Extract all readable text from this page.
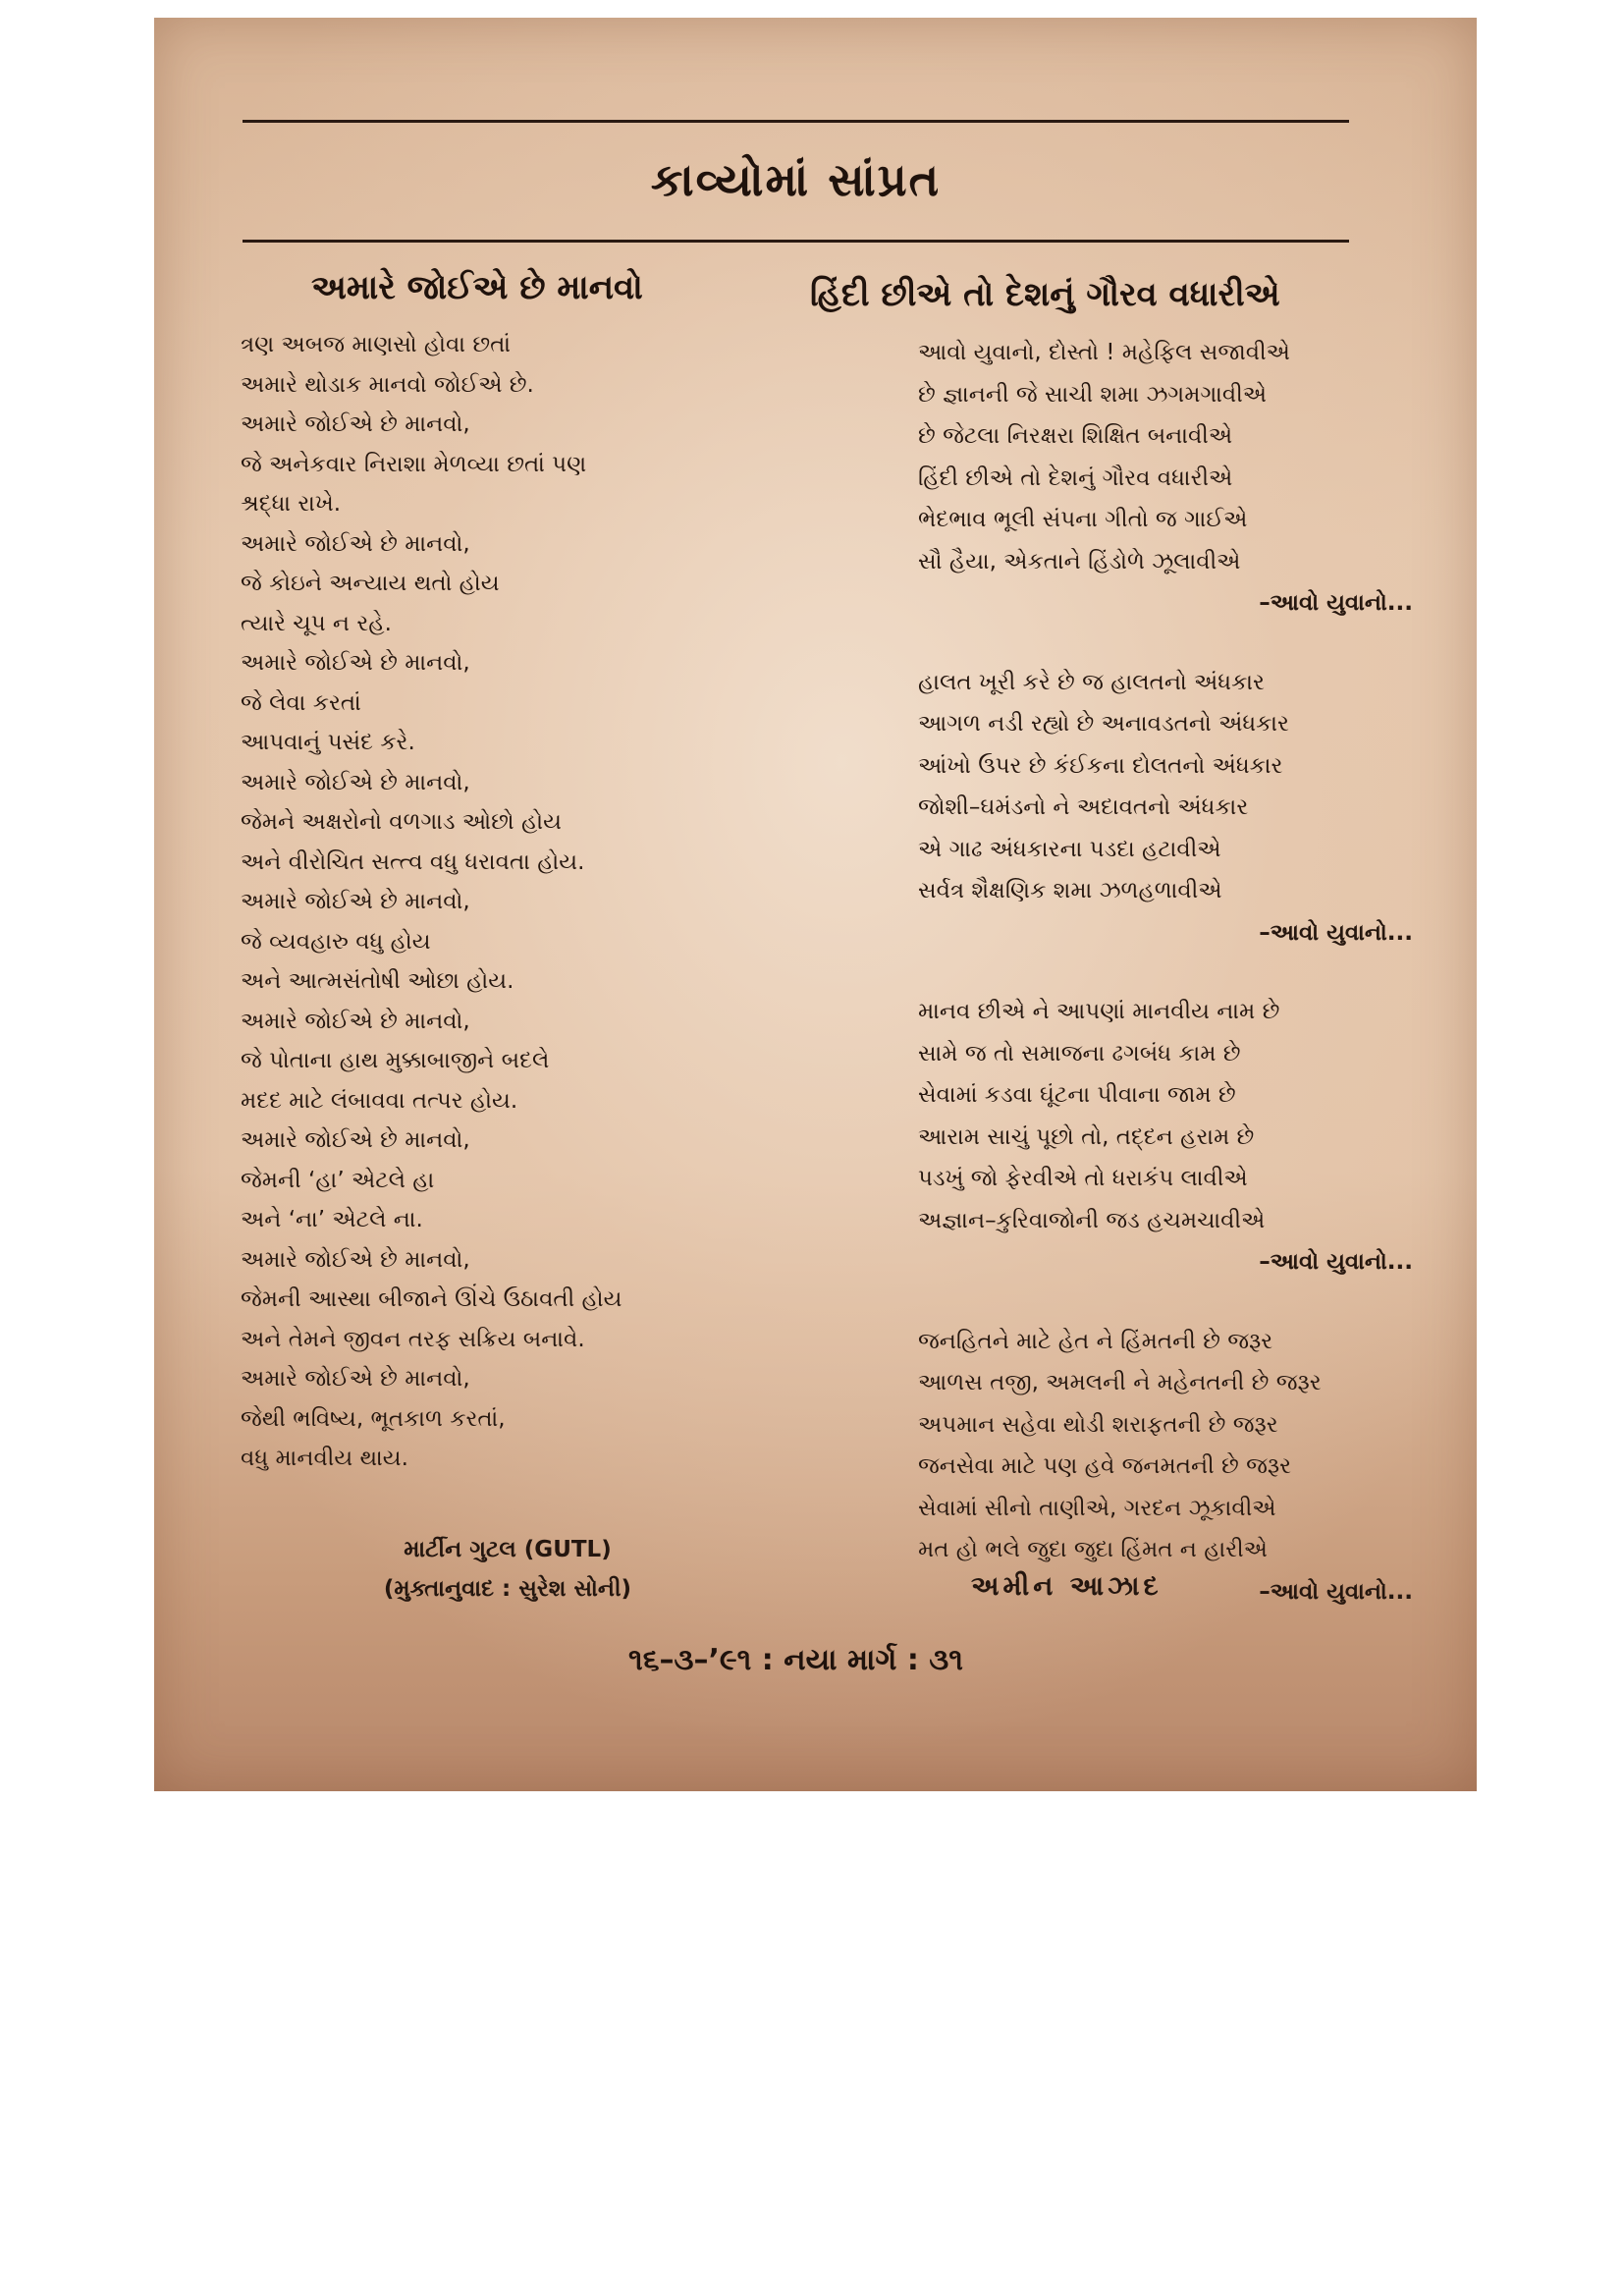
કાવ્યોમાં સાંપ્રત
અમારે જોઈએ છે માનવો
ત્રણ અબજ માણસો હોવા છતાં
અમારે થોડાક માનવો જોઈએ છે.
અમારે જોઈએ છે માનવો,
જે અનેકવાર નિરાશા મેળવ્યા છતાં પણ
શ્રદ્ધા રાખે.
અમારે જોઈએ છે માનવો,
જે કોઇને અન્યાય થતો હોય
ત્યારે ચૂપ ન રહે.
અમારે જોઈએ છે માનવો,
જે લેવા કરતાં
આપવાનું પસંદ કરે.
અમારે જોઈએ છે માનવો,
જેમને અક્ષરોનો વળગાડ ઓછો હોય
અને વીરોચિત સત્ત્વ વધુ ધરાવતા હોય.
અમારે જોઈએ છે માનવો,
જે વ્યવહારુ વધુ હોય
અને આત્મસંતોષી ઓછા હોય.
અમારે જોઈએ છે માનવો,
જે પોતાના હાથ મુક્કાબાજીને બદલે
મદદ માટે લંબાવવા તત્પર હોય.
અમારે જોઈએ છે માનવો,
જેમની ‘હા’ એટલે હા
અને ‘ના’ એટલે ના.
અમારે જોઈએ છે માનવો,
જેમની આસ્થા બીજાને ઊંચે ઉઠાવતી હોય
અને તેમને જીવન તરફ સક્રિય બનાવે.
અમારે જોઈએ છે માનવો,
જેથી ભવિષ્ય, ભૂતકાળ કરતાં,
વધુ માનવીય થાય.
માર્ટીન ગુટલ (GUTL)
(મુક્તાનુવાદ : સુરેશ સોની)
હિંદી છીએ તો દેશનું ગૌરવ વધારીએ
આવો યુવાનો, દોસ્તો ! મહેફિલ સજાવીએ
છે જ્ઞાનની જે સાચી શમા ઝગમગાવીએ
છે જેટલા નિરક્ષરા શિક્ષિત બનાવીએ
હિંદી છીએ તો દેશનું ગૌરવ વધારીએ
ભેદભાવ ભૂલી સંપના ગીતો જ ગાઈએ
સૌ હૈયા, એકતાને હિંડોળે ઝૂલાવીએ
–આવો યુવાનો...
હાલત ખૂરી કરે છે જ હાલતનો અંધકાર
આગળ નડી રહ્યો છે અનાવડતનો અંધકાર
આંખો ઉપર છે કંઈકના દોલતનો અંધકાર
જોશી–ઘમંડનો ને અદાવતનો અંધકાર
એ ગાઢ અંધકારના પડદા હટાવીએ
સર્વત્ર શૈક્ષણિક શમા ઝળહળાવીએ
–આવો યુવાનો...
માનવ છીએ ને આપણાં માનવીય નામ છે
સામે જ તો સમાજના ઢગબંધ કામ છે
સેવામાં કડવા ઘૂંટના પીવાના જામ છે
આરામ સાચું પૂછો તો, તદ્દન હરામ છે
પડખું જો ફેરવીએ તો ધરાકંપ લાવીએ
અજ્ઞાન–કુરિવાજોની જડ હચમચાવીએ
–આવો યુવાનો...
જનહિતને માટે હેત ને હિંમતની છે જરૂર
આળસ તજી, અમલની ને મહેનતની છે જરૂર
અપમાન સહેવા થોડી શરાફતની છે જરૂર
જનસેવા માટે પણ હવે જનમતની છે જરૂર
સેવામાં સીનો તાણીએ, ગરદન ઝૂકાવીએ
મત હો ભલે જુદા જુદા હિંમત ન હારીએ
–આવો યુવાનો...
અમીન આઝાદ
૧૬–૩–’૯૧ : નયા માર્ગ : ૩૧
